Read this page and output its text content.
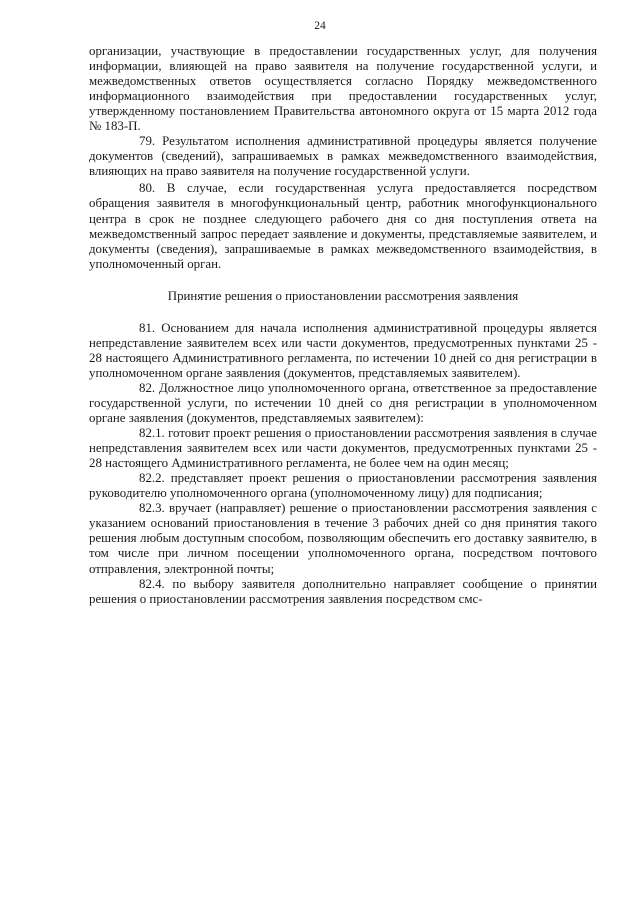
24

организации, участвующие в предоставлении государственных услуг, для получения информации, влияющей на право заявителя на получение государственной услуги, и межведомственных ответов осуществляется согласно Порядку межведомственного информационного взаимодействия при предоставлении государственных услуг, утвержденному постановлением Правительства автономного округа от 15 марта 2012 года № 183-П.

79. Результатом исполнения административной процедуры является получение документов (сведений), запрашиваемых в рамках межведомственного взаимодействия, влияющих на право заявителя на получение государственной услуги.

80. В случае, если государственная услуга предоставляется посредством обращения заявителя в многофункциональный центр, работник многофункционального центра в срок не позднее следующего рабочего дня со дня поступления ответа на межведомственный запрос передает заявление и документы, представляемые заявителем, и документы (сведения), запрашиваемые в рамках межведомственного взаимодействия, в уполномоченный орган.

Принятие решения о приостановлении рассмотрения заявления

81. Основанием для начала исполнения административной процедуры является непредставление заявителем всех или части документов, предусмотренных пунктами 25 - 28 настоящего Административного регламента, по истечении 10 дней со дня регистрации в уполномоченном органе заявления (документов, представляемых заявителем).

82. Должностное лицо уполномоченного органа, ответственное за предоставление государственной услуги, по истечении 10 дней со дня регистрации в уполномоченном органе заявления (документов, представляемых заявителем):

82.1. готовит проект решения о приостановлении рассмотрения заявления в случае непредставления заявителем всех или части документов, предусмотренных пунктами 25 - 28 настоящего Административного регламента, не более чем на один месяц;

82.2. представляет проект решения о приостановлении рассмотрения заявления руководителю уполномоченного органа (уполномоченному лицу) для подписания;

82.3. вручает (направляет) решение о приостановлении рассмотрения заявления с указанием оснований приостановления в течение 3 рабочих дней со дня принятия такого решения любым доступным способом, позволяющим обеспечить его доставку заявителю, в том числе при личном посещении уполномоченного органа, посредством почтового отправления, электронной почты;

82.4. по выбору заявителя дополнительно направляет сообщение о принятии решения о приостановлении рассмотрения заявления посредством смс-
